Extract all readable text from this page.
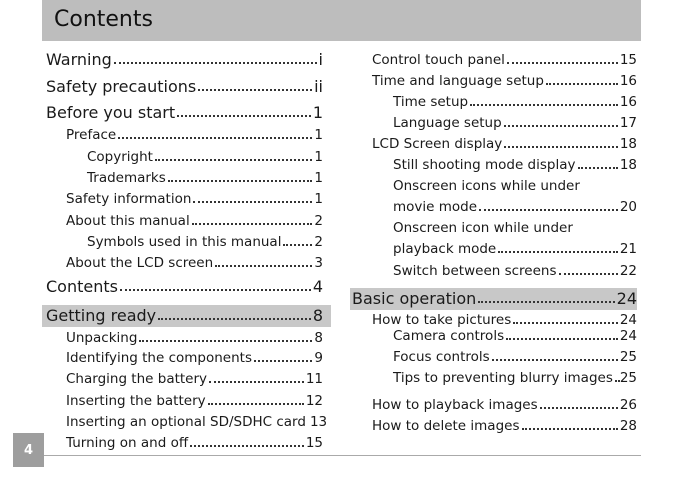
Contents
Warning	i
Safety precautions	ii
Before you start	1
Preface	1
Copyright	1
Trademarks	1
Safety information	1
About this manual	2
Symbols used in this manual 2
About the LCD screen	3
Contents	4
Getting ready	8
Unpacking	8
Identifying the components	9
Charging the battery	11
Inserting the battery	12
Inserting an optional SD/SDHC card 13
Turning on and off	15
Control touch panel	15
Time and language setup	16
Time setup	16
Language setup	17
LCD Screen display	18
Still shooting mode display	18
Onscreen icons while under
movie mode	20
Onscreen icon while under
playback mode	21
Switch between screens	22
Basic operation	24
How to take pictures	24
Camera controls	24
Focus controls	25
Tips to preventing blurry images 25
How to playback images	26
How to delete images	28
4
